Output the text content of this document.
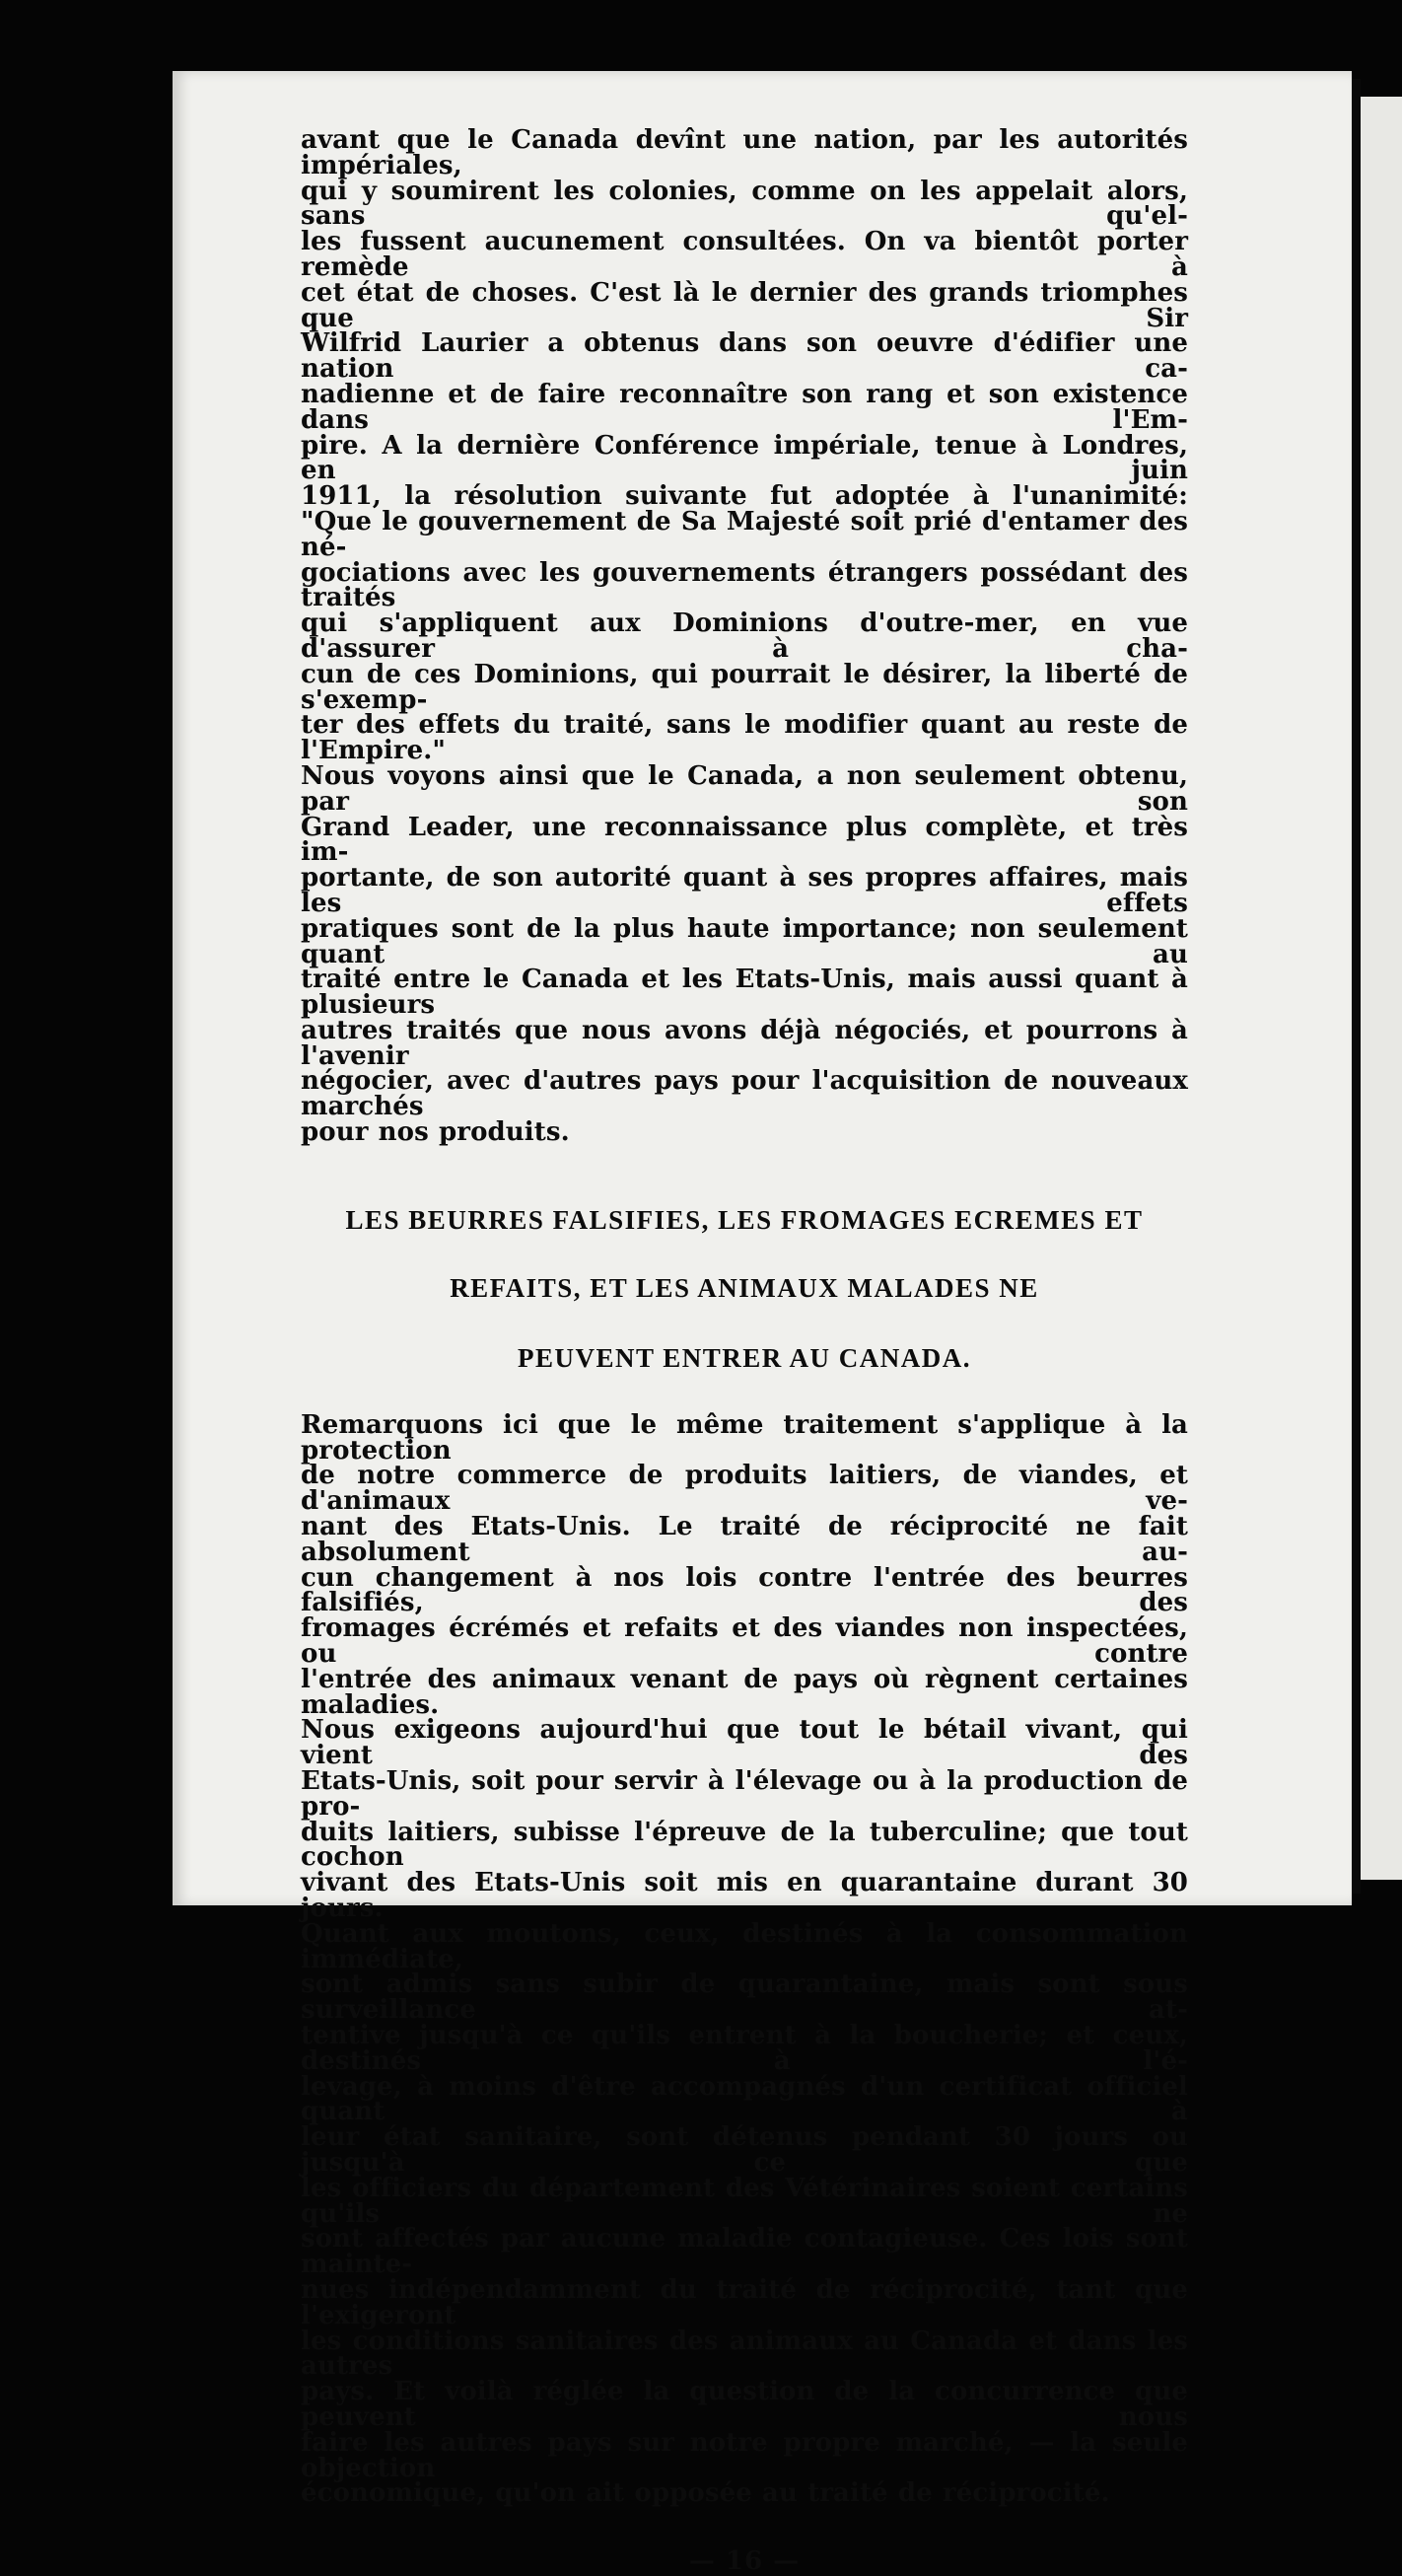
avant que le Canada devînt une nation, par les autorités impériales,
qui y soumirent les colonies, comme on les appelait alors, sans qu'el-
les fussent aucunement consultées. On va bientôt porter remède à
cet état de choses. C'est là le dernier des grands triomphes que Sir
Wilfrid Laurier a obtenus dans son oeuvre d'édifier une nation ca-
nadienne et de faire reconnaître son rang et son existence dans l'Em-
pire. A la dernière Conférence impériale, tenue à Londres, en juin
1911, la résolution suivante fut adoptée à l'unanimité:
"Que le gouvernement de Sa Majesté soit prié d'entamer des né-
gociations avec les gouvernements étrangers possédant des traités
qui s'appliquent aux Dominions d'outre-mer, en vue d'assurer à cha-
cun de ces Dominions, qui pourrait le désirer, la liberté de s'exemp-
ter des effets du traité, sans le modifier quant au reste de l'Empire."
Nous voyons ainsi que le Canada, a non seulement obtenu, par son
Grand Leader, une reconnaissance plus complète, et très im-
portante, de son autorité quant à ses propres affaires, mais les effets
pratiques sont de la plus haute importance; non seulement quant au
traité entre le Canada et les Etats-Unis, mais aussi quant à plusieurs
autres traités que nous avons déjà négociés, et pourrons à l'avenir
négocier, avec d'autres pays pour l'acquisition de nouveaux marchés
pour nos produits.

LES BEURRES FALSIFIES, LES FROMAGES ECREMES ET
REFAITS, ET LES ANIMAUX MALADES NE
PEUVENT ENTRER AU CANADA.

Remarquons ici que le même traitement s'applique à la protection
de notre commerce de produits laitiers, de viandes, et d'animaux ve-
nant des Etats-Unis. Le traité de réciprocité ne fait absolument au-
cun changement à nos lois contre l'entrée des beurres falsifiés, des
fromages écrémés et refaits et des viandes non inspectées, ou contre
l'entrée des animaux venant de pays où règnent certaines maladies.
Nous exigeons aujourd'hui que tout le bétail vivant, qui vient des
Etats-Unis, soit pour servir à l'élevage ou à la production de pro-
duits laitiers, subisse l'épreuve de la tuberculine; que tout cochon
vivant des Etats-Unis soit mis en quarantaine durant 30 jours.
Quant aux moutons, ceux, destinés à la consommation immédiate,
sont admis sans subir de quarantaine, mais sont sous surveillance at-
tentive jusqu'à ce qu'ils entrent à la boucherie; et ceux, destinés à l'é-
levage, à moins d'être accompagnés d'un certificat officiel quant à
leur état sanitaire, sont détenus pendant 30 jours ou jusqu'à ce que
les officiers du département des Vétérinaires soient certains qu'ils ne
sont affectés par aucune maladie contagieuse. Ces lois sont mainte-
nues indépendamment du traité de réciprocité, tant que l'exigeront
les conditions sanitaires des animaux au Canada et dans les autres
pays. Et voilà réglée la question de la concurrence que peuvent nous
faire les autres pays sur notre propre marché, — la seule objection
économique, qu'on ait opposée au traité de réciprocité.

— 16 —
